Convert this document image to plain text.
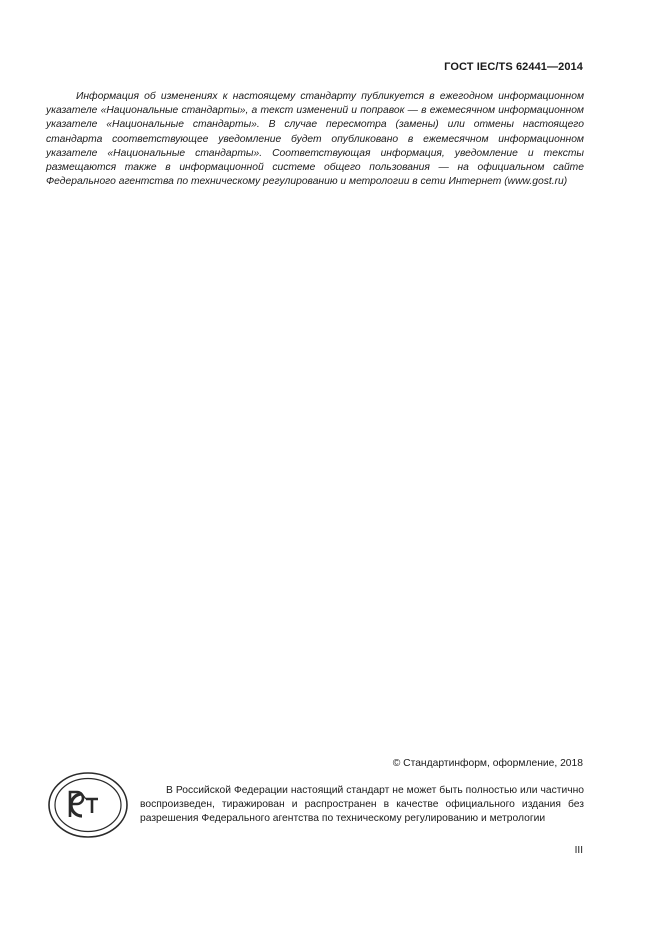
ГОСТ IEC/TS 62441—2014

Информация об изменениях к настоящему стандарту публикуется в ежегодном информационном указателе «Национальные стандарты», а текст изменений и поправок — в ежемесячном информационном указателе «Национальные стандарты». В случае пересмотра (замены) или отмены настоящего стандарта соответствующее уведомление будет опубликовано в ежемесячном информационном указателе «Национальные стандарты». Соответствующая информация, уведомление и тексты размещаются также в информационной системе общего пользования — на официальном сайте Федерального агентства по техническому регулированию и метрологии в сети Интернет (www.gost.ru)

© Стандартинформ, оформление, 2018

В Российской Федерации настоящий стандарт не может быть полностью или частично воспроизведен, тиражирован и распространен в качестве официального издания без разрешения Федерального агентства по техническому регулированию и метрологии

III
